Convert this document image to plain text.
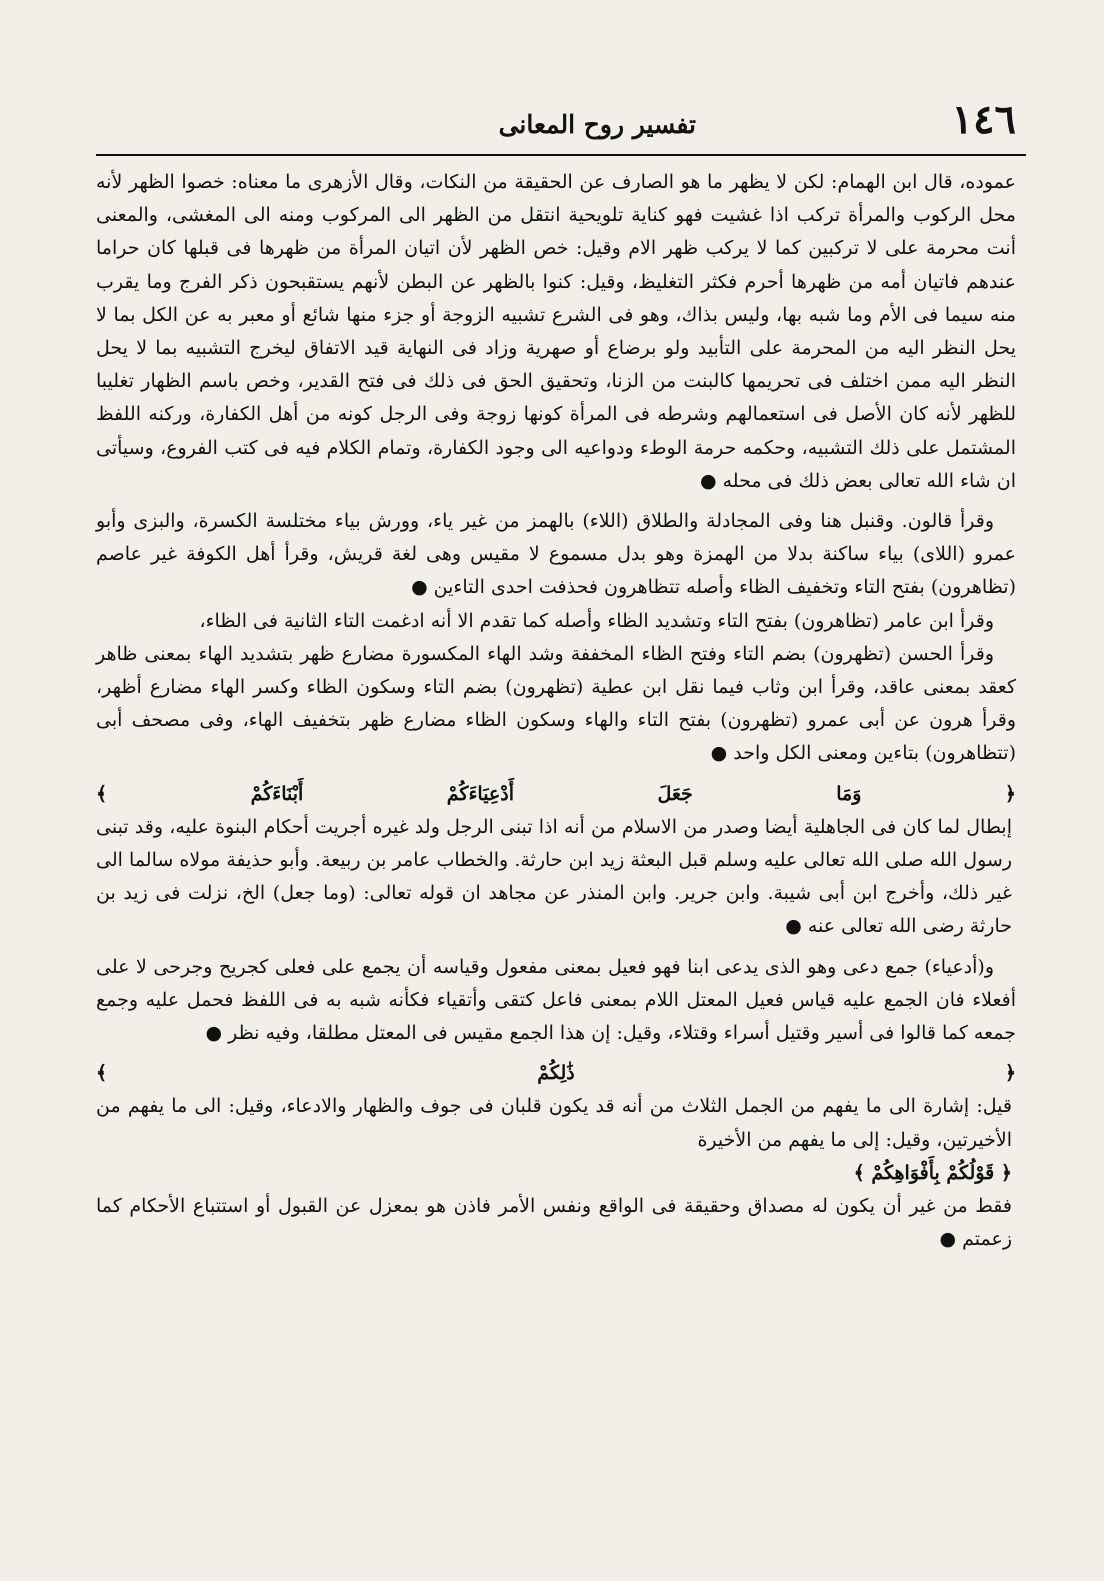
١٤٦
تفسير روح المعانى

عموده، قال ابن الهمام: لكن لا يظهر ما هو الصارف عن الحقيقة من النكات، وقال الأزهرى ما معناه: خصوا الظهر لأنه محل الركوب والمرأة تركب اذا غشيت فهو كناية تلويحية انتقل من الظهر الى المركوب ومنه الى المغشى، والمعنى أنت محرمة على لا تركبين كما لا يركب ظهر الام وقيل: خص الظهر لأن اتيان المرأة من ظهرها فى قبلها كان حراما عندهم فاتيان أمه من ظهرها أحرم فكثر التغليظ، وقيل: كنوا بالظهر عن البطن لأنهم يستقبحون ذكر الفرج وما يقرب منه سيما فى الأم وما شبه بها، وليس بذاك، وهو فى الشرع تشبيه الزوجة أو جزء منها شائع أو معبر به عن الكل بما لا يحل النظر اليه من المحرمة على التأبيد ولو برضاع أو صهرية وزاد فى النهاية قيد الاتفاق ليخرج التشبيه بما لا يحل النظر اليه ممن اختلف فى تحريمها كالبنت من الزنا، وتحقيق الحق فى ذلك فى فتح القدير، وخص باسم الظهار تغليبا للظهر لأنه كان الأصل فى استعمالهم وشرطه فى المرأة كونها زوجة وفى الرجل كونه من أهل الكفارة، وركنه اللفظ المشتمل على ذلك التشبيه، وحكمه حرمة الوطء ودواعيه الى وجود الكفارة، وتمام الكلام فيه فى كتب الفروع، وسيأتى ان شاء الله تعالى بعض ذلك فى محله ●

وقرأ قالون. وقنبل هنا وفى المجادلة والطلاق (اللاء) بالهمز من غير ياء، وورش بياء مختلسة الكسرة، والبزى وأبو عمرو (اللاى) بياء ساكنة بدلا من الهمزة وهو بدل مسموع لا مقيس وهى لغة قريش، وقرأ أهل الكوفة غير عاصم (تظاهرون) بفتح التاء وتخفيف الظاء وأصله تتظاهرون فحذفت احدى التاءين ●

وقرأ ابن عامر (تظاهرون) بفتح التاء وتشديد الظاء وأصله كما تقدم الا أنه ادغمت التاء الثانية فى الظاء،

وقرأ الحسن (تظهرون) بضم التاء وفتح الظاء المخففة وشد الهاء المكسورة مضارع ظهر بتشديد الهاء بمعنى ظاهر كعقد بمعنى عاقد، وقرأ ابن وثاب فيما نقل ابن عطية (تظهرون) بضم التاء وسكون الظاء وكسر الهاء مضارع أظهر، وقرأ هرون عن أبى عمرو (تظهرون) بفتح التاء والهاء وسكون الظاء مضارع ظهر بتخفيف الهاء، وفى مصحف أبى (تتظاهرون) بتاءين ومعنى الكل واحد ●

﴿ وَمَا جَعَلَ أَدْعِيَاءَكُمْ أَبْنَاءَكُمْ ﴾ إبطال لما كان فى الجاهلية أيضا وصدر من الاسلام من أنه اذا تبنى الرجل ولد غيره أجريت أحكام البنوة عليه، وقد تبنى رسول الله صلى الله تعالى عليه وسلم قبل البعثة زيد ابن حارثة. والخطاب عامر بن ربيعة. وأبو حذيفة مولاه سالما الى غير ذلك، وأخرج ابن أبى شيبة. وابن جرير. وابن المنذر عن مجاهد ان قوله تعالى: (وما جعل) الخ، نزلت فى زيد بن حارثة رضى الله تعالى عنه ●

و(أدعياء) جمع دعى وهو الذى يدعى ابنا فهو فعيل بمعنى مفعول وقياسه أن يجمع على فعلى كجريح وجرحى لا على أفعلاء فان الجمع عليه قياس فعيل المعتل اللام بمعنى فاعل كتقى وأتقياء فكأنه شبه به فى اللفظ فحمل عليه وجمع جمعه كما قالوا فى أسير وقتيل أسراء وقتلاء، وقيل: إن هذا الجمع مقيس فى المعتل مطلقا، وفيه نظر ●

﴿ ذَٰلِكُمْ ﴾ قيل: إشارة الى ما يفهم من الجمل الثلاث من أنه قد يكون قلبان فى جوف والظهار والادعاء، وقيل: الى ما يفهم من الأخيرتين، وقيل: إلى ما يفهم من الأخيرة ﴿ قَوْلُكُمْ بِأَفْوَاهِكُمْ ﴾ فقط من غير أن يكون له مصداق وحقيقة فى الواقع ونفس الأمر فاذن هو بمعزل عن القبول أو استتباع الأحكام كما زعمتم ●
